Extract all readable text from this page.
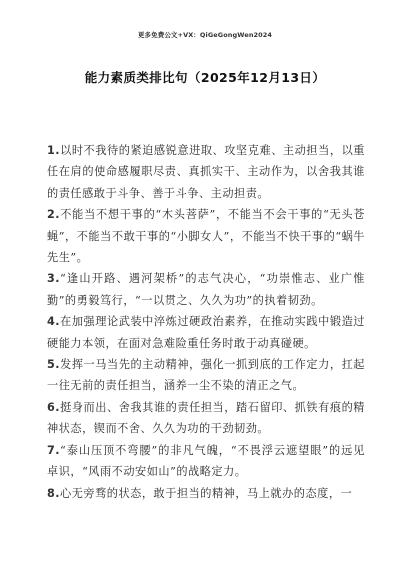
更多免费公文+VX：QiGeGongWen2024
能力素质类排比句（2025年12月13日）

1.以时不我待的紧迫感锐意进取、攻坚克难、主动担当，以重任在肩的使命感履职尽责、真抓实干、主动作为，以舍我其谁的责任感敢于斗争、善于斗争、主动担责。

2.不能当不想干事的“木头菩萨”，不能当不会干事的“无头苍蝇”，不能当不敢干事的“小脚女人”，不能当不快干事的“蜗牛先生”。

3.“逢山开路、遇河架桥”的志气决心，“功崇惟志、业广惟勤”的勇毅笃行，“一以贯之、久久为功”的执着韧劲。

4.在加强理论武装中淬炼过硬政治素养，在推动实践中锻造过硬能力本领，在面对急难险重任务时敢于动真碰硬。

5.发挥一马当先的主动精神，强化一抓到底的工作定力，扛起一往无前的责任担当，涵养一尘不染的清正之气。

6.挺身而出、舍我其谁的责任担当，踏石留印、抓铁有痕的精神状态，锲而不舍、久久为功的干劲韧劲。

7.“泰山压顶不弯腰”的非凡气魄，“不畏浮云遮望眼”的远见卓识，“风雨不动安如山”的战略定力。

8.心无旁骛的状态，敢于担当的精神，马上就办的态度，一
